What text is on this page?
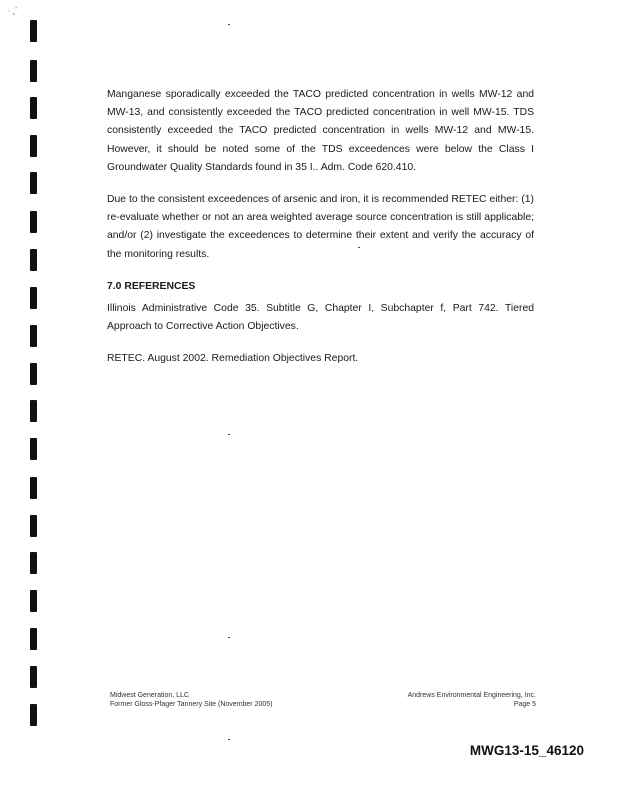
∙ ¸’

Manganese sporadically exceeded the TACO predicted concentration in wells MW-12 and MW-13, and consistently exceeded the TACO predicted concentration in well MW-15. TDS consistently exceeded the TACO predicted concentration in wells MW-12 and MW-15. However, it should be noted some of the TDS exceedences were below the Class I Groundwater Quality Standards found in 35 I.. Adm. Code 620.410.

Due to the consistent exceedences of arsenic and iron, it is recommended RETEC either: (1) re-evaluate whether or not an area weighted average source concentration is still applicable; and/or (2) investigate the exceedences to determine their extent and verify the accuracy of the monitoring results.

7.0 REFERENCES

Illinois Administrative Code 35. Subtitle G, Chapter I, Subchapter f, Part 742. Tiered Approach to Corrective Action Objectives.

RETEC. August 2002. Remediation Objectives Report.

Midwest Generation, LLC
Former Gloss-Pfager Tannery Site (November 2005)
Andrews Environmental Engineering, Inc.
Page 5
MWG13-15_46120
